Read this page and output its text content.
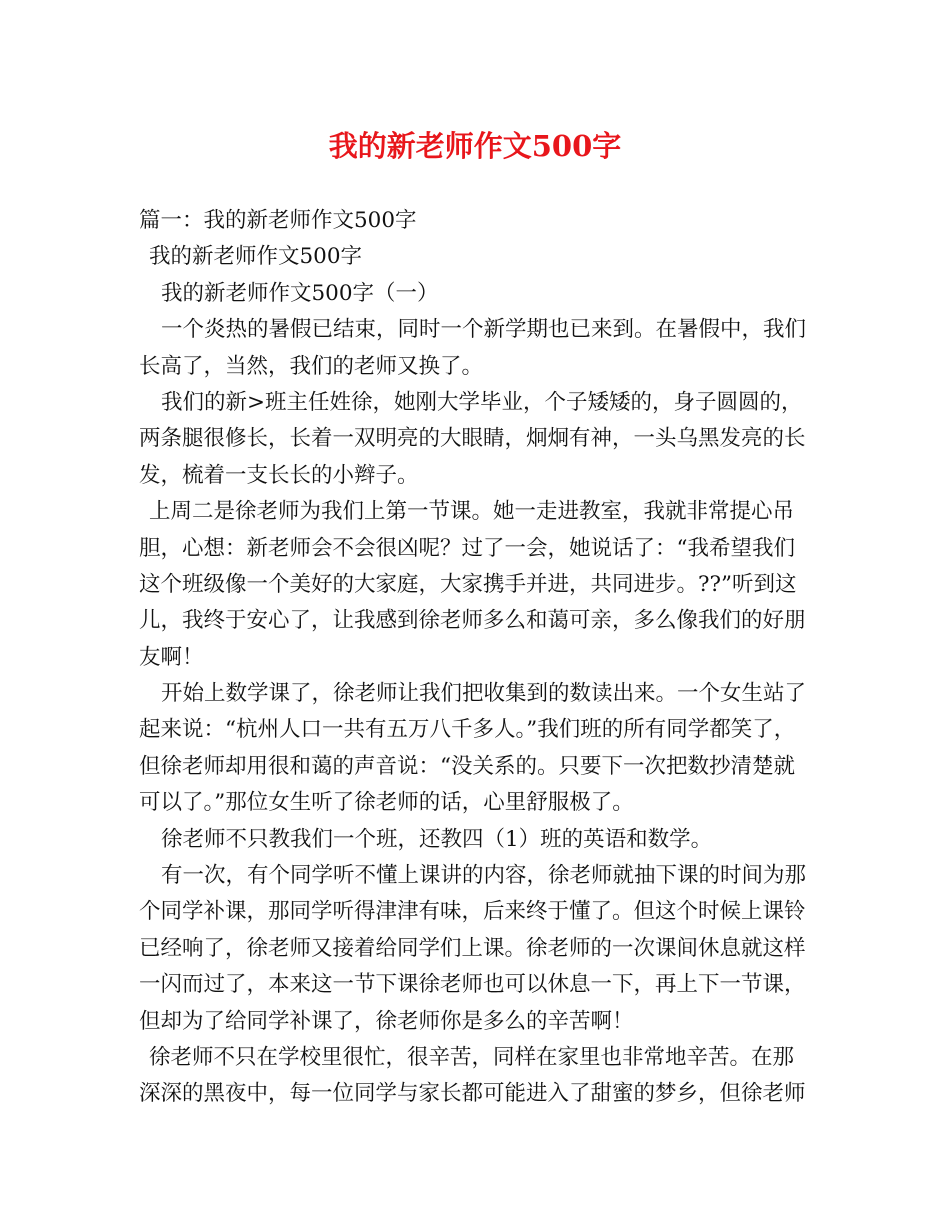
我的新老师作文500字
篇一：我的新老师作文500字
我的新老师作文500字
我的新老师作文500字（一）
一个炎热的暑假已结束，同时一个新学期也已来到。在暑假中，我们
长高了，当然，我们的老师又换了。
我们的新>班主任姓徐，她刚大学毕业，个子矮矮的，身子圆圆的，
两条腿很修长，长着一双明亮的大眼睛，炯炯有神，一头乌黑发亮的长
发，梳着一支长长的小辫子。
上周二是徐老师为我们上第一节课。她一走进教室，我就非常提心吊
胆，心想：新老师会不会很凶呢？过了一会，她说话了：“我希望我们
这个班级像一个美好的大家庭，大家携手并进，共同进步。??”听到这
儿，我终于安心了，让我感到徐老师多么和蔼可亲，多么像我们的好朋
友啊！
开始上数学课了，徐老师让我们把收集到的数读出来。一个女生站了
起来说：“杭州人口一共有五万八千多人。”我们班的所有同学都笑了，
但徐老师却用很和蔼的声音说：“没关系的。只要下一次把数抄清楚就
可以了。”那位女生听了徐老师的话，心里舒服极了。
徐老师不只教我们一个班，还教四（1）班的英语和数学。
有一次，有个同学听不懂上课讲的内容，徐老师就抽下课的时间为那
个同学补课，那同学听得津津有味，后来终于懂了。但这个时候上课铃
已经响了，徐老师又接着给同学们上课。徐老师的一次课间休息就这样
一闪而过了，本来这一节下课徐老师也可以休息一下，再上下一节课，
但却为了给同学补课了，徐老师你是多么的辛苦啊！
徐老师不只在学校里很忙，很辛苦，同样在家里也非常地辛苦。在那
深深的黑夜中，每一位同学与家长都可能进入了甜蜜的梦乡，但徐老师
